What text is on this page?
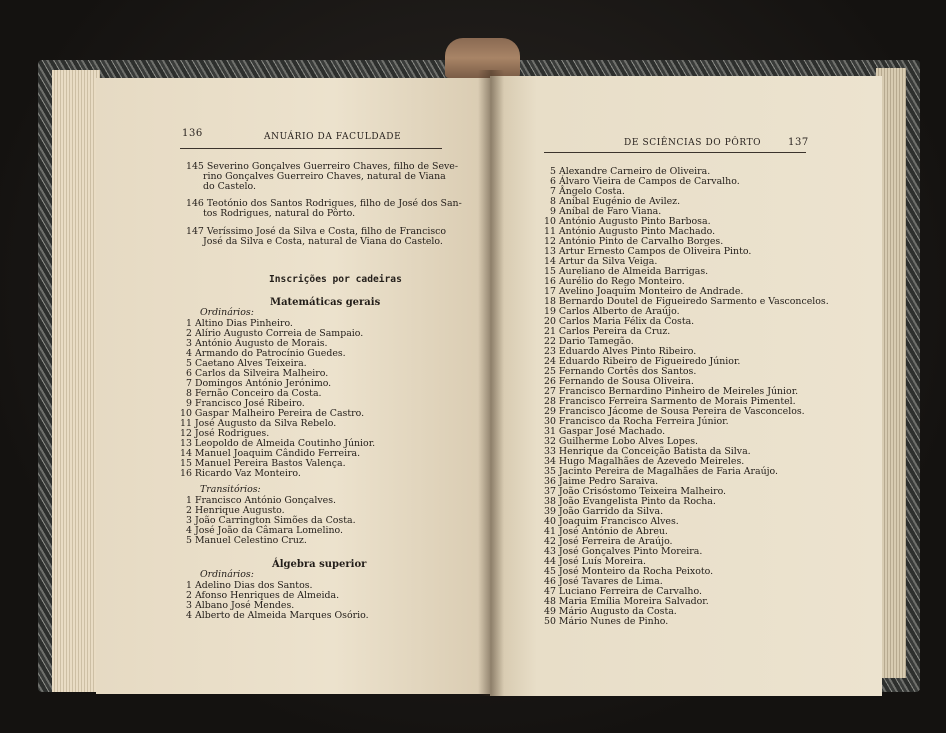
136	ANUÁRIO DA FACULDADE
145 Severino Gonçalves Guerreiro Chaves, filho de Seve-
rino Gonçalves Guerreiro Chaves, natural de Viana
do Castelo.
146 Teotónio dos Santos Rodrigues, filho de José dos San-
tos Rodrigues, natural do Pôrto.
147 Veríssimo José da Silva e Costa, filho de Francisco
José da Silva e Costa, natural de Viana do Castelo.
Inscrições por cadeiras
Matemáticas gerais
Ordinários:
1 Altino Dias Pinheiro.
2 Alírio Augusto Correia de Sampaio.
3 António Augusto de Morais.
4 Armando do Patrocínio Guedes.
5 Caetano Alves Teixeira.
6 Carlos da Silveira Malheiro.
7 Domingos António Jerónimo.
8 Fernão Conceiro da Costa.
9 Francisco José Ribeiro.
10 Gaspar Malheiro Pereira de Castro.
11 José Augusto da Silva Rebelo.
12 José Rodrigues.
13 Leopoldo de Almeida Coutinho Júnior.
14 Manuel Joaquim Cândido Ferreira.
15 Manuel Pereira Bastos Valença.
16 Ricardo Vaz Monteiro.
Transitórios:
1 Francisco António Gonçalves.
2 Henrique Augusto.
3 João Carrington Simões da Costa.
4 José João da Câmara Lomelino.
5 Manuel Celestino Cruz.
Álgebra superior
Ordinários:
1 Adelino Dias dos Santos.
2 Afonso Henriques de Almeida.
3 Albano José Mendes.
4 Alberto de Almeida Marques Osório.
DE SCIÊNCIAS DO PÔRTO	137
5 Alexandre Carneiro de Oliveira.
6 Álvaro Vieira de Campos de Carvalho.
7 Ângelo Costa.
8 Aníbal Eugénio de Avilez.
9 Aníbal de Faro Viana.
10 António Augusto Pinto Barbosa.
11 António Augusto Pinto Machado.
12 António Pinto de Carvalho Borges.
13 Artur Ernesto Campos de Oliveira Pinto.
14 Artur da Silva Veiga.
15 Aureliano de Almeida Barrigas.
16 Aurélio do Rego Monteiro.
17 Avelino Joaquim Monteiro de Andrade.
18 Bernardo Doutel de Figueiredo Sarmento e Vasconcelos.
19 Carlos Alberto de Araújo.
20 Carlos Maria Félix da Costa.
21 Carlos Pereira da Cruz.
22 Dario Tamegão.
23 Eduardo Alves Pinto Ribeiro.
24 Eduardo Ribeiro de Figueiredo Júnior.
25 Fernando Cortês dos Santos.
26 Fernando de Sousa Oliveira.
27 Francisco Bernardino Pinheiro de Meireles Júnior.
28 Francisco Ferreira Sarmento de Morais Pimentel.
29 Francisco Jácome de Sousa Pereira de Vasconcelos.
30 Francisco da Rocha Ferreira Júnior.
31 Gaspar José Machado.
32 Guilherme Lobo Alves Lopes.
33 Henrique da Conceição Batista da Silva.
34 Hugo Magalhães de Azevedo Meireles.
35 Jacinto Pereira de Magalhães de Faria Araújo.
36 Jaime Pedro Saraiva.
37 João Crisóstomo Teixeira Malheiro.
38 João Evangelista Pinto da Rocha.
39 João Garrido da Silva.
40 Joaquim Francisco Alves.
41 José António de Abreu.
42 José Ferreira de Araújo.
43 José Gonçalves Pinto Moreira.
44 José Luís Moreira.
45 José Monteiro da Rocha Peixoto.
46 José Tavares de Lima.
47 Luciano Ferreira de Carvalho.
48 Maria Emília Moreira Salvador.
49 Mário Augusto da Costa.
50 Mário Nunes de Pinho.
